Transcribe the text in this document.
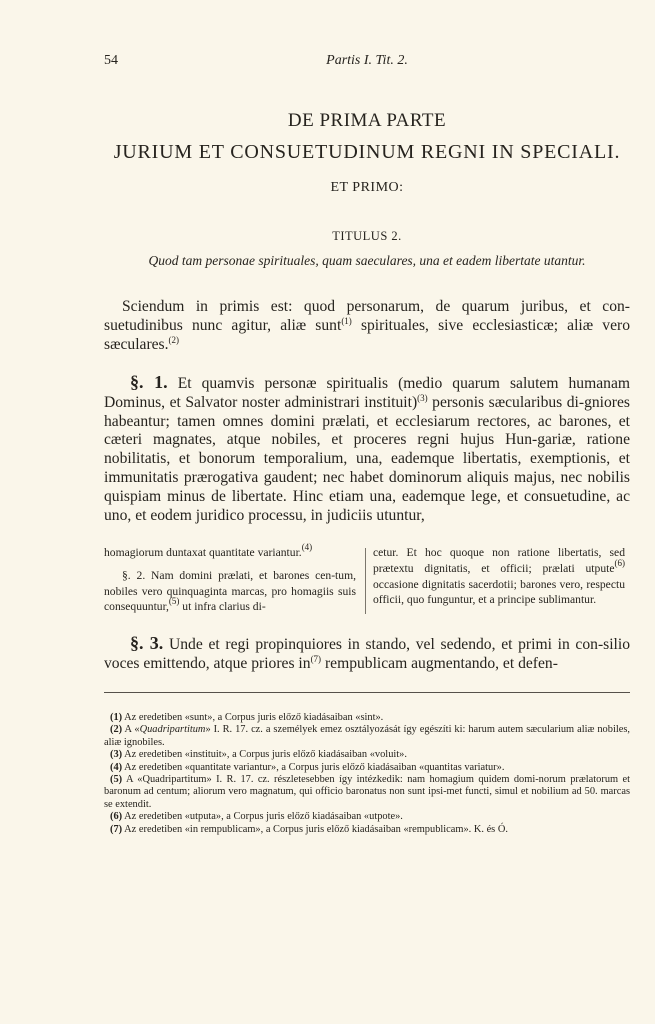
54	Partis I. Tit. 2.
DE PRIMA PARTE
JURIUM ET CONSUETUDINUM REGNI IN SPECIALI.
ET PRIMO:
TITULUS 2.
Quod tam personae spirituales, quam saeculares, una et eadem libertate utantur.

Sciendum in primis est: quod personarum, de quarum juribus, et con-suetudinibus nunc agitur, aliæ sunt$^{(1)}$ spirituales, sive ecclesiasticæ; aliæ vero sæculares.$^{(2)}$

§. 1. Et quamvis personæ spiritualis (medio quarum salutem humanam Dominus, et Salvator noster administrari instituit)$^{(3)}$ personis sæcularibus di-gniores habeantur; tamen omnes domini prælati, et ecclesiarum rectores, ac barones, et cæteri magnates, atque nobiles, et proceres regni hujus Hun-gariæ, ratione nobilitatis, et bonorum temporalium, una, eademque libertatis, exemptionis, et immunitatis prærogativa gaudent; nec habet dominorum aliquis majus, nec nobilis quispiam minus de libertate. Hinc etiam una, eademque lege, et consuetudine, ac uno, et eodem juridico processu, in judiciis utuntur,

homagiorum duntaxat quantitate variantur.$^{(4)}$

§. 2. Nam domini prælati, et barones cen-tum, nobiles vero quinquaginta marcas, pro homagiis suis consequuntur,$^{(5)}$ ut infra clarius di-

cetur. Et hoc quoque non ratione libertatis, sed prætextu dignitatis, et officii; prælati utpute$^{(6)}$ occasione dignitatis sacerdotii; barones vero, respectu officii, quo funguntur, et a principe sublimantur.

§. 3. Unde et regi propinquiores in stando, vel sedendo, et primi in con-silio voces emittendo, atque priores in$^{(7)}$ rempublicam augmentando, et defen-

(1) Az eredetiben «sunt», a Corpus juris előző kiadásaiban «sint».

(2) A «Quadripartitum» I. R. 17. cz. a személyek emez osztályozását így egészíti ki: harum autem sæcularium aliæ nobiles, aliæ ignobiles.

(3) Az eredetiben «instituit», a Corpus juris előző kiadásaiban «voluit».

(4) Az eredetiben «quantitate variantur», a Corpus juris előző kiadásaiban «quantitas variatur».

(5) A «Quadripartitum» I. R. 17. cz. részletesebben így intézkedik: nam homagium quidem domi-norum prælatorum et baronum ad centum; aliorum vero magnatum, qui officio baronatus non sunt ipsi-met functi, simul et nobilium ad 50. marcas se extendit.

(6) Az eredetiben «utputa», a Corpus juris előző kiadásaiban «utpote».

(7) Az eredetiben «in rempublicam», a Corpus juris előző kiadásaiban «rempublicam». K. és Ó.
